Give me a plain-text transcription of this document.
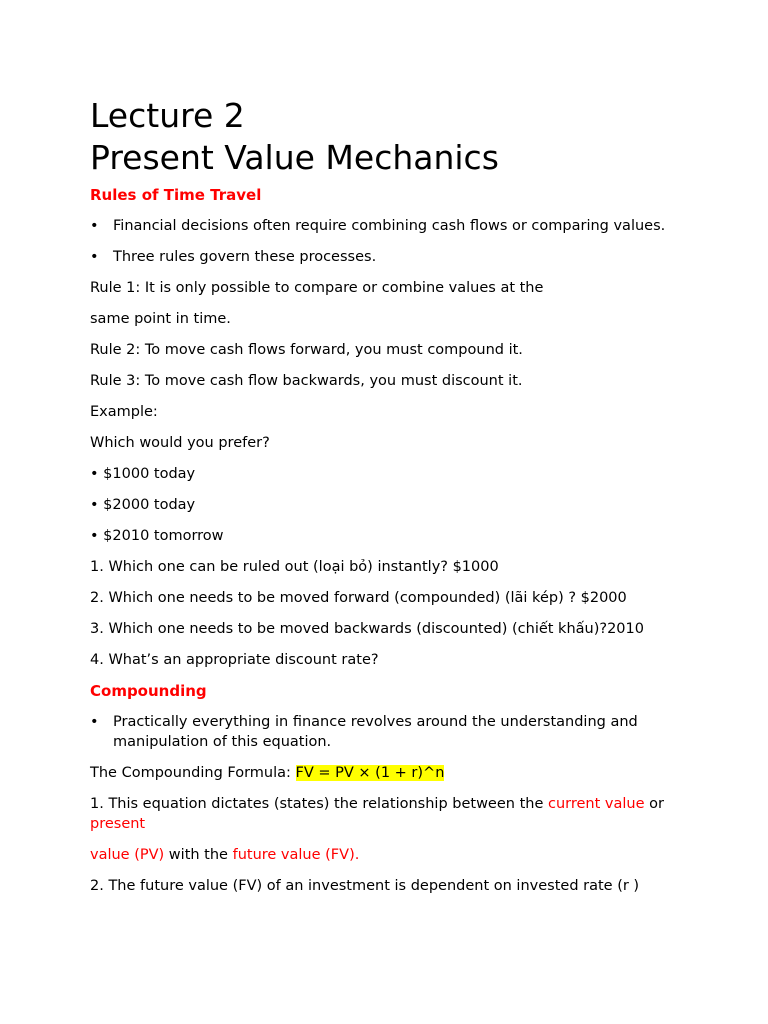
Lecture 2
Present Value Mechanics
Rules of Time Travel
• Financial decisions often require combining cash flows or comparing values.
• Three rules govern these processes.

Rule 1: It is only possible to compare or combine values at the

same point in time.

Rule 2: To move cash flows forward, you must compound it.

Rule 3: To move cash flow backwards, you must discount it.

Example:

Which would you prefer?

• $1000 today

• $2000 today

• $2010 tomorrow

1. Which one can be ruled out (loại bỏ) instantly? $1000

2. Which one needs to be moved forward (compounded) (lãi kép) ? $2000

3. Which one needs to be moved backwards (discounted) (chiết khấu)?2010

4. What’s an appropriate discount rate?

Compounding
• Practically everything in finance revolves around the understanding and manipulation of this equation.

The Compounding Formula: FV = PV × (1 + r)^n

1. This equation dictates (states) the relationship between the current value or present

value (PV) with the future value (FV).

2. The future value (FV) of an investment is dependent on invested rate (r )
